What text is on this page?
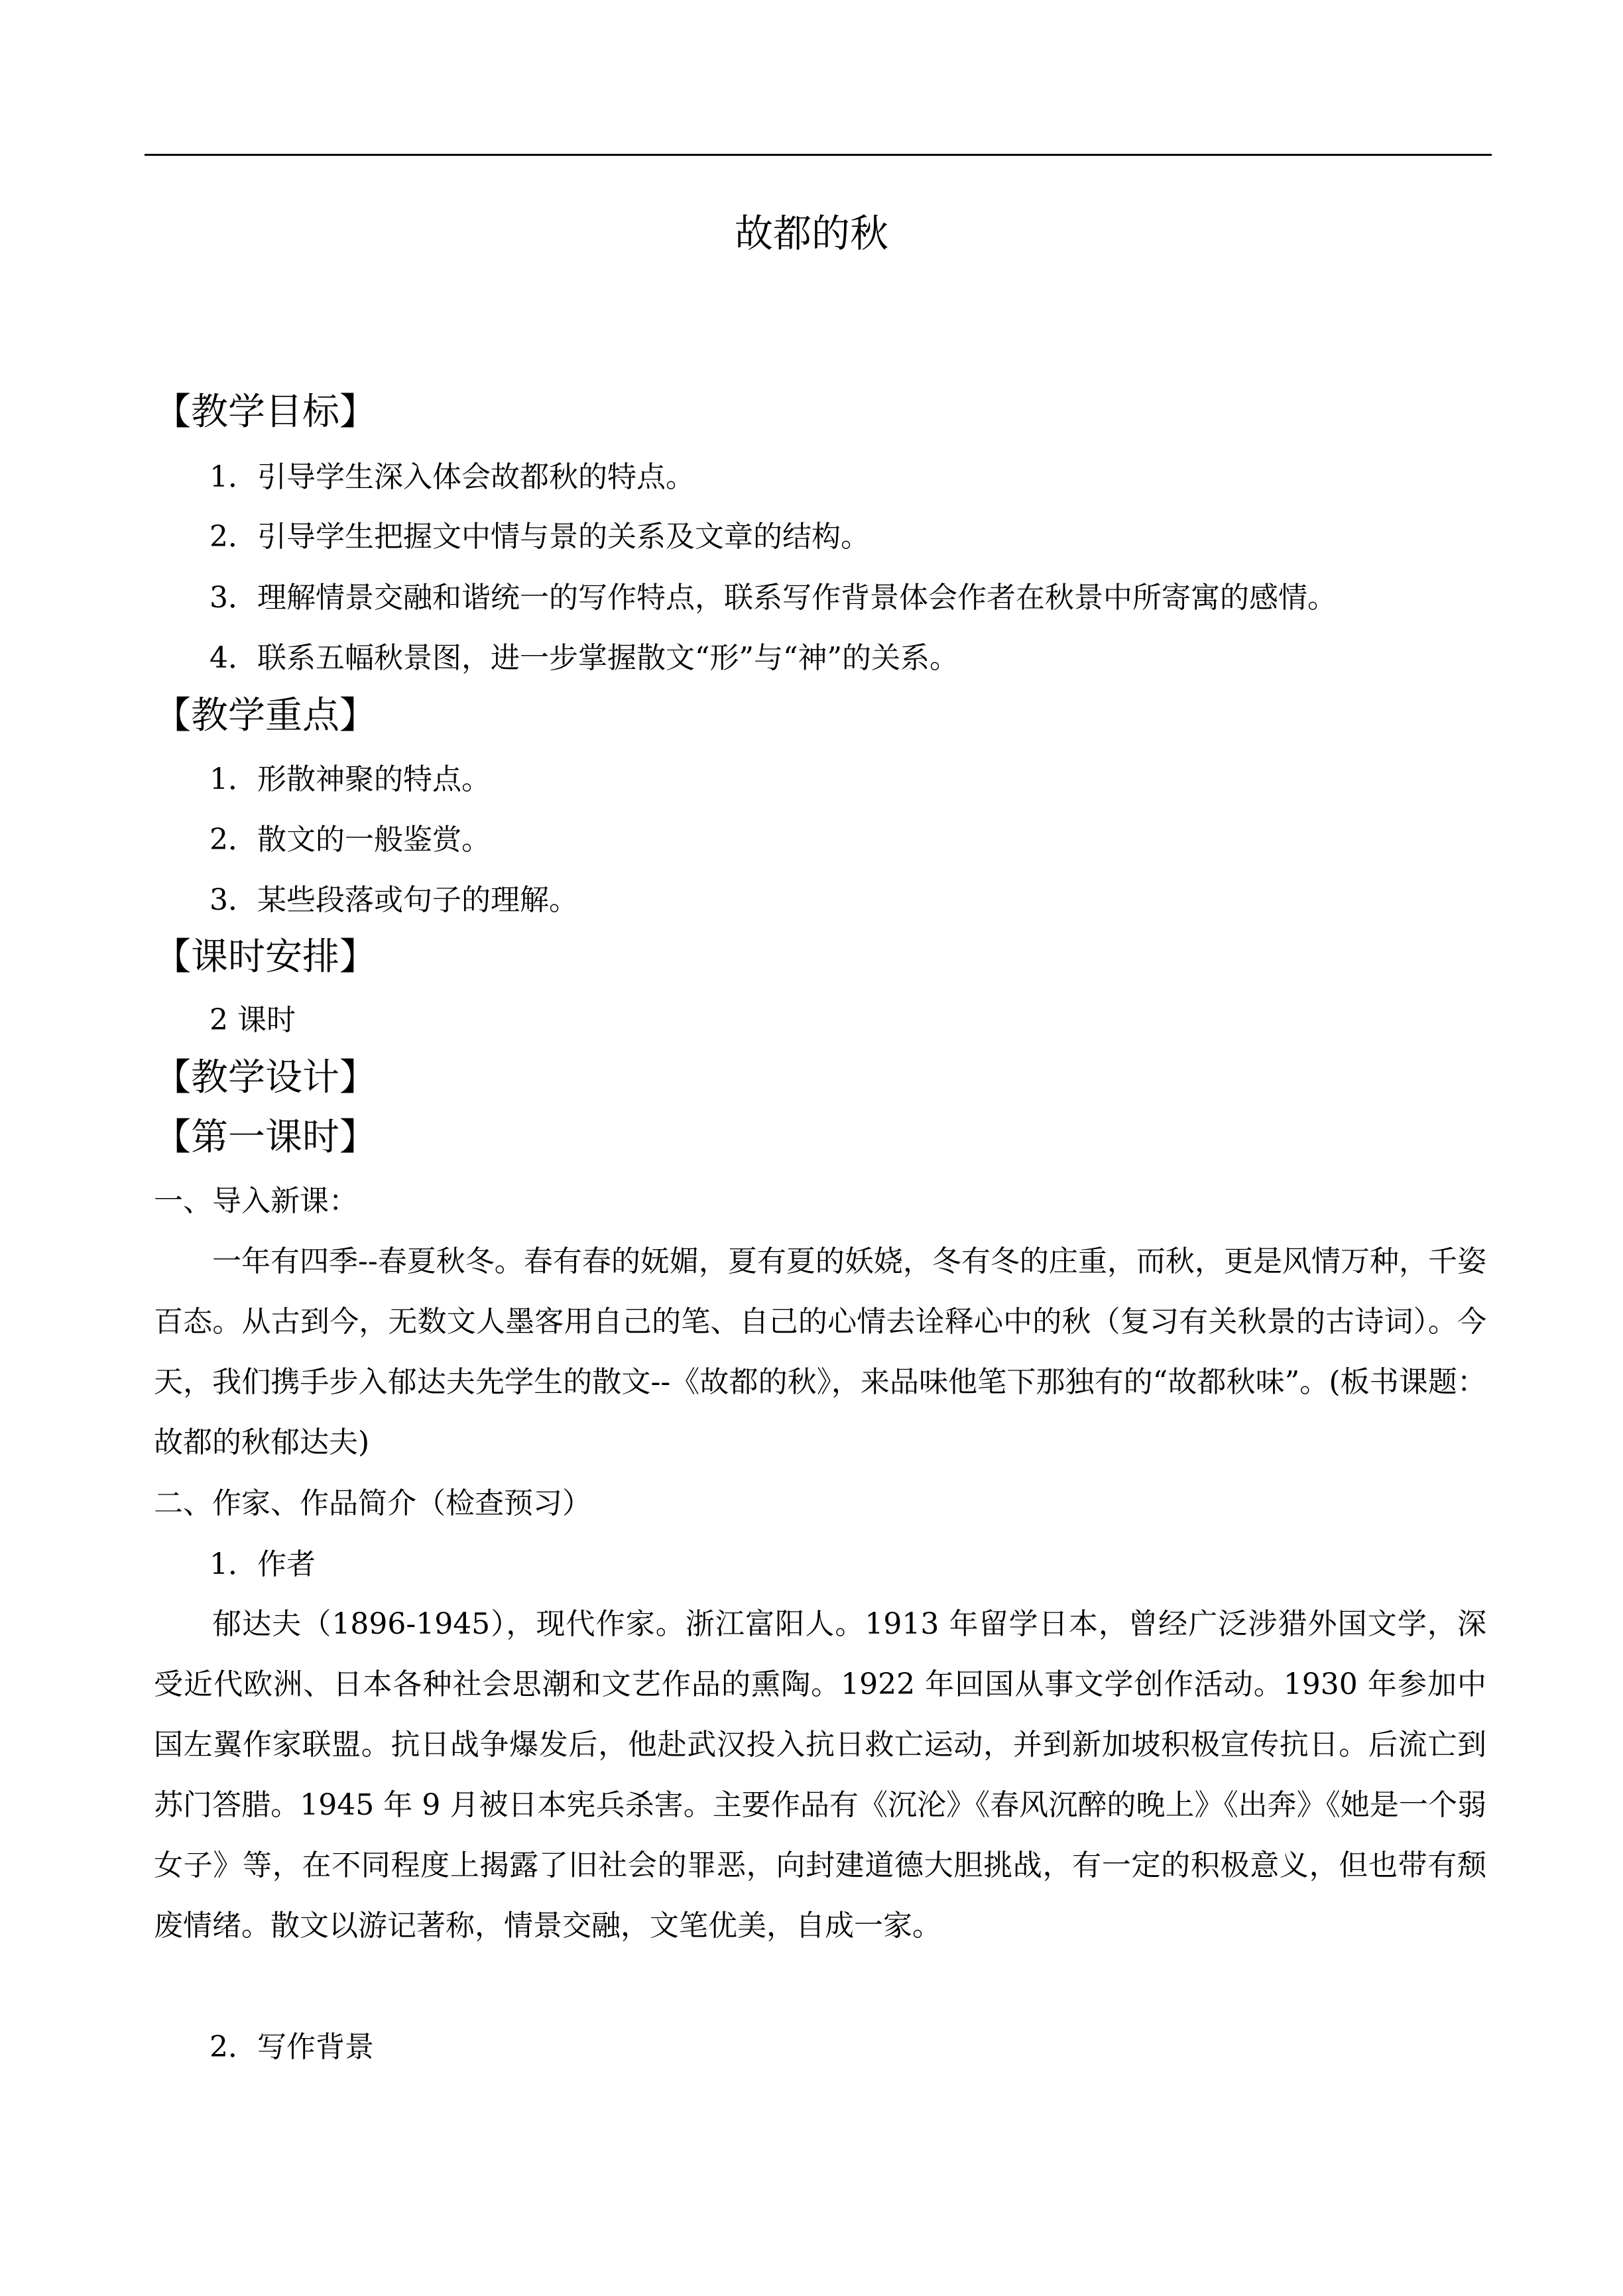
故都的秋
【教学目标】
1．引导学生深入体会故都秋的特点。
2．引导学生把握文中情与景的关系及文章的结构。
3．理解情景交融和谐统一的写作特点，联系写作背景体会作者在秋景中所寄寓的感情。
4．联系五幅秋景图，进一步掌握散文“形”与“神”的关系。
【教学重点】
1．形散神聚的特点。
2．散文的一般鉴赏。
3．某些段落或句子的理解。
【课时安排】
2 课时
【教学设计】
【第一课时】
一、导入新课：
一年有四季--春夏秋冬。春有春的妩媚，夏有夏的妖娆，冬有冬的庄重，而秋，更是风情万种，千姿百态。从古到今，无数文人墨客用自己的笔、自己的心情去诠释心中的秋（复习有关秋景的古诗词）。今天，我们携手步入郁达夫先学生的散文--《故都的秋》，来品味他笔下那独有的“故都秋味”。(板书课题：故都的秋郁达夫)
二、作家、作品简介（检查预习）
1．作者
郁达夫（1896-1945），现代作家。浙江富阳人。1913 年留学日本，曾经广泛涉猎外国文学，深受近代欧洲、日本各种社会思潮和文艺作品的熏陶。1922 年回国从事文学创作活动。1930 年参加中国左翼作家联盟。抗日战争爆发后，他赴武汉投入抗日救亡运动，并到新加坡积极宣传抗日。后流亡到苏门答腊。1945 年 9 月被日本宪兵杀害。主要作品有《沉沦》《春风沉醉的晚上》《出奔》《她是一个弱女子》等，在不同程度上揭露了旧社会的罪恶，向封建道德大胆挑战，有一定的积极意义，但也带有颓废情绪。散文以游记著称，情景交融，文笔优美，自成一家。
2．写作背景
